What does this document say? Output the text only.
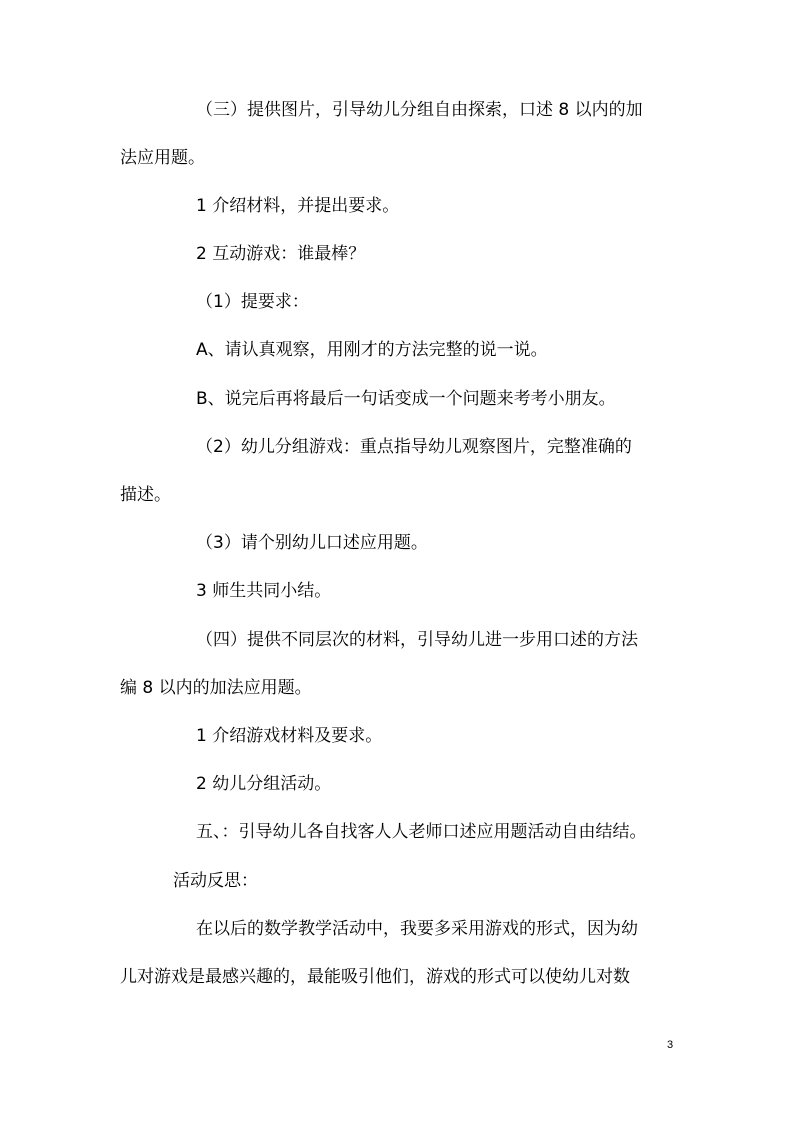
（三）提供图片，引导幼儿分组自由探索，口述 8 以内的加
法应用题。
1 介绍材料，并提出要求。
2 互动游戏：谁最棒？
（1）提要求：
A、请认真观察，用刚才的方法完整的说一说。
B、说完后再将最后一句话变成一个问题来考考小朋友。
（2）幼儿分组游戏：重点指导幼儿观察图片，完整准确的
描述。
（3）请个别幼儿口述应用题。
3 师生共同小结。
（四）提供不同层次的材料，引导幼儿进一步用口述的方法
编 8 以内的加法应用题。
1 介绍游戏材料及要求。
2 幼儿分组活动。
五、：引导幼儿各自找客人人老师口述应用题活动自由结结。
活动反思：
在以后的数学教学活动中，我要多采用游戏的形式，因为幼
儿对游戏是最感兴趣的，最能吸引他们，游戏的形式可以使幼儿对数
3
